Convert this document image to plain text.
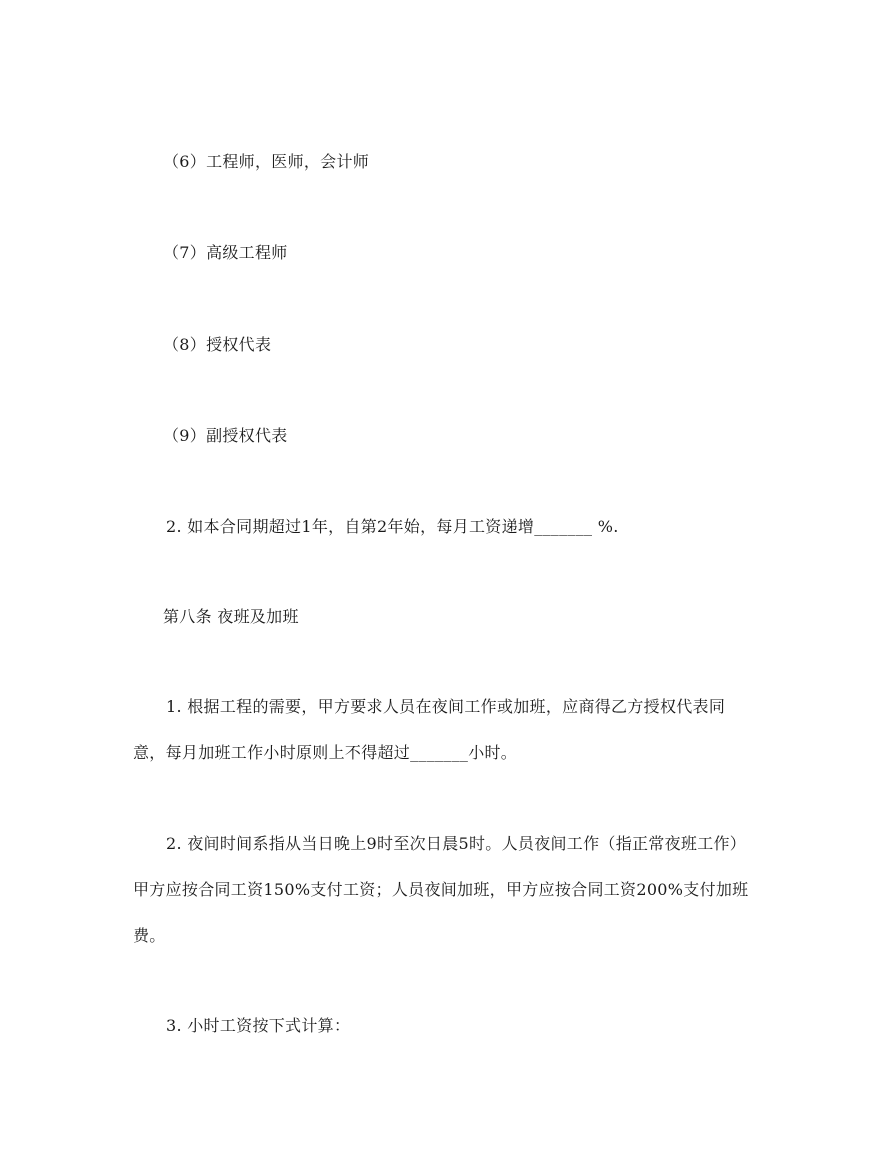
（6）工程师，医师，会计师
（7）高级工程师
（8）授权代表
（9）副授权代表
2. 如本合同期超过1年，自第2年始，每月工资递增_______ %.
第八条 夜班及加班
1. 根据工程的需要，甲方要求人员在夜间工作或加班，应商得乙方授权代表同
意，每月加班工作小时原则上不得超过_______小时。
2. 夜间时间系指从当日晚上9时至次日晨5时。人员夜间工作（指正常夜班工作）
甲方应按合同工资150%支付工资；人员夜间加班，甲方应按合同工资200%支付加班
费。
3. 小时工资按下式计算：
